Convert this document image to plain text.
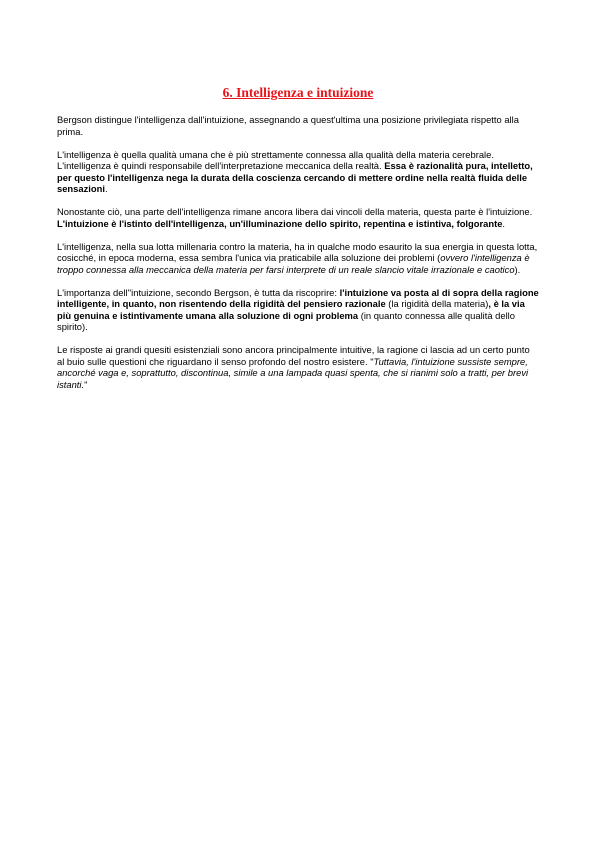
6. Intelligenza e intuizione

Bergson distingue l'intelligenza dall'intuizione, assegnando a quest'ultima una posizione privilegiata rispetto alla prima.

L'intelligenza è quella qualità umana che è più strettamente connessa alla qualità della materia cerebrale. L'intelligenza è quindi responsabile dell'interpretazione meccanica della realtà. Essa è razionalità pura, intelletto, per questo l'intelligenza nega la durata della coscienza cercando di mettere ordine nella realtà fluida delle sensazioni.

Nonostante ciò, una parte dell'intelligenza rimane ancora libera dai vincoli della materia, questa parte è l'intuizione. L'intuizione è l'istinto dell'intelligenza, un'illuminazione dello spirito, repentina e istintiva, folgorante.

L'intelligenza, nella sua lotta millenaria contro la materia, ha in qualche modo esaurito la sua energia in questa lotta, cosicché, in epoca moderna, essa sembra l'unica via praticabile alla soluzione dei problemi (ovvero l'intelligenza è troppo connessa alla meccanica della materia per farsi interprete di un reale slancio vitale irrazionale e caotico).

L'importanza dell''intuizione, secondo Bergson, è tutta da riscoprire: l'intuizione va posta al di sopra della ragione intelligente, in quanto, non risentendo della rigidità del pensiero razionale (la rigidità della materia), è la via più genuina e istintivamente umana alla soluzione di ogni problema (in quanto connessa alle qualità dello spirito).

Le risposte ai grandi quesiti esistenziali sono ancora principalmente intuitive, la ragione ci lascia ad un certo punto al buio sulle questioni che riguardano il senso profondo del nostro esistere. "Tuttavia, l'intuizione sussiste sempre, ancorché vaga e, soprattutto, discontinua, simile a una lampada quasi spenta, che si rianimi solo a tratti, per brevi istanti."
